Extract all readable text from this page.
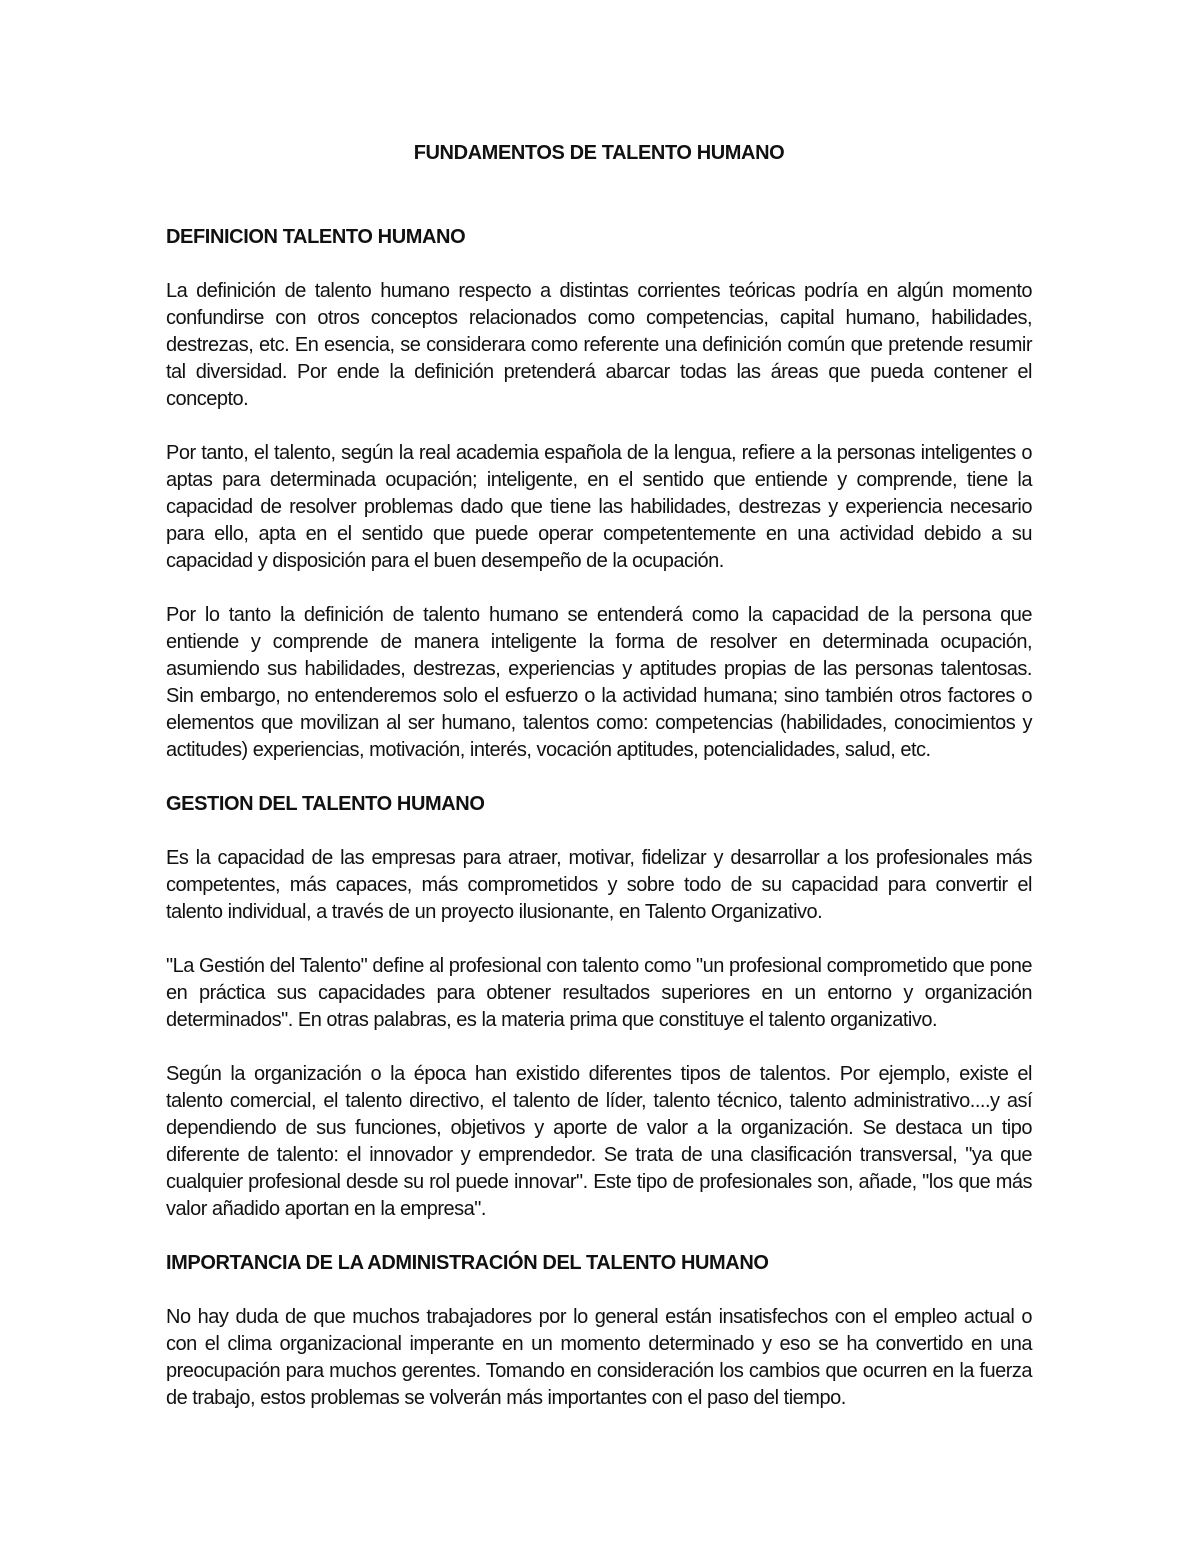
FUNDAMENTOS DE TALENTO HUMANO
DEFINICION TALENTO HUMANO

La definición de talento humano respecto a distintas corrientes teóricas podría en algún momento confundirse con otros conceptos relacionados como competencias, capital humano, habilidades, destrezas, etc. En esencia, se considerara como referente una definición común que pretende resumir tal diversidad. Por ende la definición pretenderá abarcar todas las áreas que pueda contener el concepto.

Por tanto, el talento, según la real academia española de la lengua, refiere a la personas inteligentes o aptas para determinada ocupación; inteligente, en el sentido que entiende y comprende, tiene la capacidad de resolver problemas dado que tiene las habilidades, destrezas y experiencia necesario para ello, apta en el sentido que puede operar competentemente en una actividad debido a su capacidad y disposición para el buen desempeño de la ocupación.

Por lo tanto la definición de talento humano se entenderá como la capacidad de la persona que entiende y comprende de manera inteligente la forma de resolver en determinada ocupación, asumiendo sus habilidades, destrezas, experiencias y aptitudes propias de las personas talentosas. Sin embargo, no entenderemos solo el esfuerzo o la actividad humana; sino también otros factores o elementos que movilizan al ser humano, talentos como: competencias (habilidades, conocimientos y actitudes) experiencias, motivación, interés, vocación aptitudes, potencialidades, salud, etc.

GESTION DEL TALENTO HUMANO

Es la capacidad de las empresas para atraer, motivar, fidelizar y desarrollar a los profesionales más competentes, más capaces, más comprometidos y sobre todo de su capacidad para convertir el talento individual, a través de un proyecto ilusionante, en Talento Organizativo.

"La Gestión del Talento" define al profesional con talento como "un profesional comprometido que pone en práctica sus capacidades para obtener resultados superiores en un entorno y organización determinados". En otras palabras, es la materia prima que constituye el talento organizativo.

Según la organización o la época han existido diferentes tipos de talentos. Por ejemplo, existe el talento comercial, el talento directivo, el talento de líder, talento técnico, talento administrativo....y así dependiendo de sus funciones, objetivos y aporte de valor a la organización. Se destaca un tipo diferente de talento: el innovador y emprendedor. Se trata de una clasificación transversal, "ya que cualquier profesional desde su rol puede innovar". Este tipo de profesionales son, añade, "los que más valor añadido aportan en la empresa".

IMPORTANCIA DE LA ADMINISTRACIÓN DEL TALENTO HUMANO

No hay duda de que muchos trabajadores por lo general están insatisfechos con el empleo actual o con el clima organizacional imperante en un momento determinado y eso se ha convertido en una preocupación para muchos gerentes. Tomando en consideración los cambios que ocurren en la fuerza de trabajo, estos problemas se volverán más importantes con el paso del tiempo.
